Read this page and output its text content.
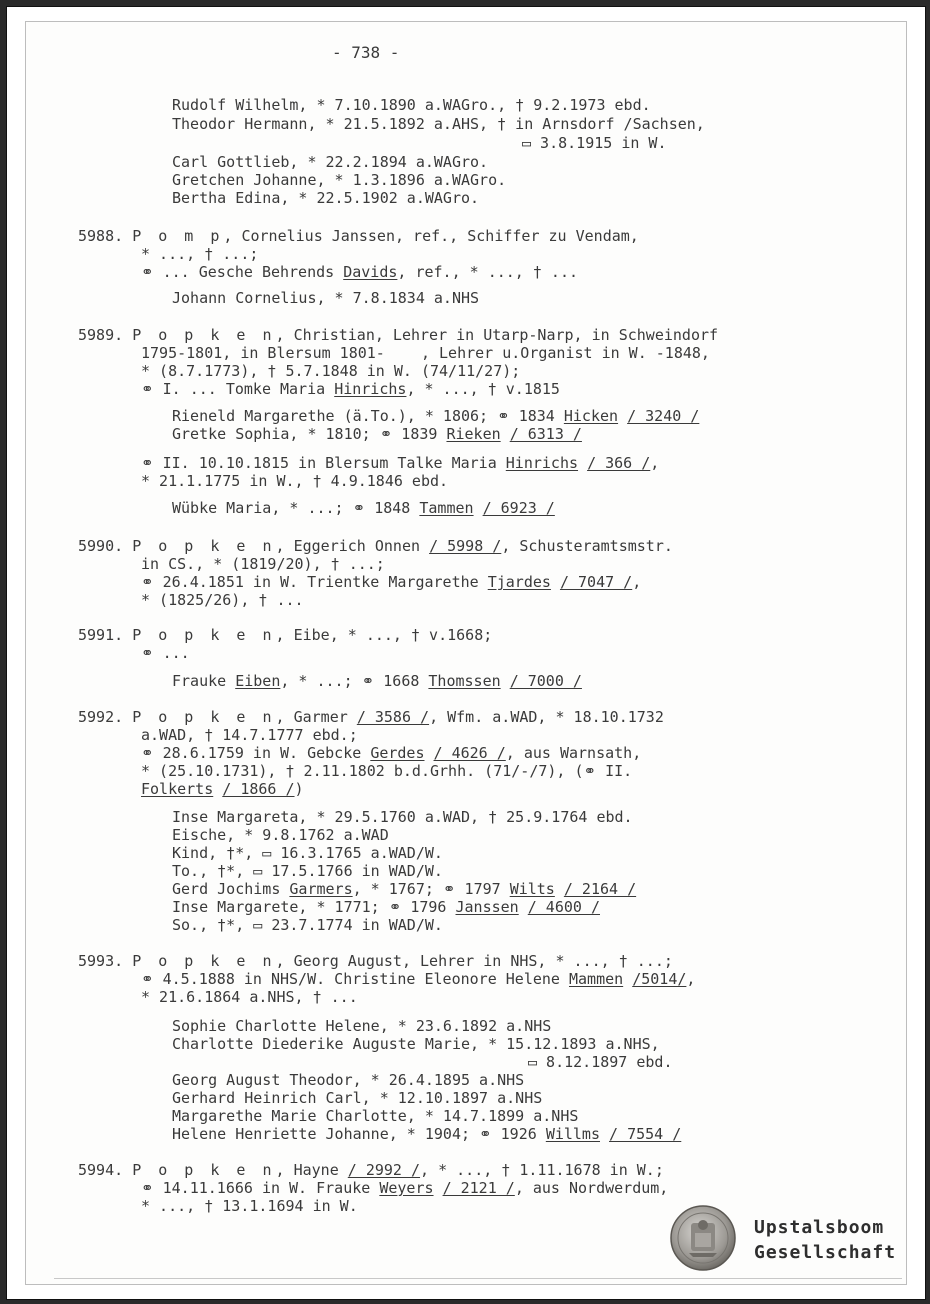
- 738 -
Rudolf Wilhelm, * 7.10.1890 a.WAGro., † 9.2.1973 ebd.
Theodor Hermann, * 21.5.1892 a.AHS, † in Arnsdorf /Sachsen,
▭ 3.8.1915 in W.
Carl Gottlieb, * 22.2.1894 a.WAGro.
Gretchen Johanne, * 1.3.1896 a.WAGro.
Bertha Edina, * 22.5.1902 a.WAGro.
5988. P o m p, Cornelius Janssen, ref., Schiffer zu Vendam,
* ..., † ...;
⚭ ... Gesche Behrends Davids, ref., * ..., † ...
Johann Cornelius, * 7.8.1834 a.NHS
5989. P o p k e n, Christian, Lehrer in Utarp-Narp, in Schweindorf
1795-1801, in Blersum 1801-    , Lehrer u.Organist in W. -1848,
* (8.7.1773), † 5.7.1848 in W. (74/11/27);
⚭ I. ... Tomke Maria Hinrichs, * ..., † v.1815
Rieneld Margarethe (ä.To.), * 1806; ⚭ 1834 Hicken / 3240 /
Gretke Sophia, * 1810; ⚭ 1839 Rieken / 6313 /
⚭ II. 10.10.1815 in Blersum Talke Maria Hinrichs / 366 /,
* 21.1.1775 in W., † 4.9.1846 ebd.
Wübke Maria, * ...; ⚭ 1848 Tammen / 6923 /
5990. P o p k e n, Eggerich Onnen / 5998 /, Schusteramtsmstr.
in CS., * (1819/20), † ...;
⚭ 26.4.1851 in W. Trientke Margarethe Tjardes / 7047 /,
* (1825/26), † ...
5991. P o p k e n, Eibe, * ..., † v.1668;
⚭ ...
Frauke Eiben, * ...; ⚭ 1668 Thomssen / 7000 /
5992. P o p k e n, Garmer / 3586 /, Wfm. a.WAD, * 18.10.1732
a.WAD, † 14.7.1777 ebd.;
⚭ 28.6.1759 in W. Gebcke Gerdes / 4626 /, aus Warnsath,
* (25.10.1731), † 2.11.1802 b.d.Grhh. (71/-/7), (⚭ II.
Folkerts / 1866 /)
Inse Margareta, * 29.5.1760 a.WAD, † 25.9.1764 ebd.
Eische, * 9.8.1762 a.WAD
Kind, †*, ▭ 16.3.1765 a.WAD/W.
To., †*, ▭ 17.5.1766 in WAD/W.
Gerd Jochims Garmers, * 1767; ⚭ 1797 Wilts / 2164 /
Inse Margarete, * 1771; ⚭ 1796 Janssen / 4600 /
So., †*, ▭ 23.7.1774 in WAD/W.
5993. P o p k e n, Georg August, Lehrer in NHS, * ..., † ...;
⚭ 4.5.1888 in NHS/W. Christine Eleonore Helene Mammen /5014/,
* 21.6.1864 a.NHS, † ...
Sophie Charlotte Helene, * 23.6.1892 a.NHS
Charlotte Diederike Auguste Marie, * 15.12.1893 a.NHS,
▭ 8.12.1897 ebd.
Georg August Theodor, * 26.4.1895 a.NHS
Gerhard Heinrich Carl, * 12.10.1897 a.NHS
Margarethe Marie Charlotte, * 14.7.1899 a.NHS
Helene Henriette Johanne, * 1904; ⚭ 1926 Willms / 7554 /
5994. P o p k e n, Hayne / 2992 /, * ..., † 1.11.1678 in W.;
⚭ 14.11.1666 in W. Frauke Weyers / 2121 /, aus Nordwerdum,
* ..., † 13.1.1694 in W.
Upstalsboom
Gesellschaft
